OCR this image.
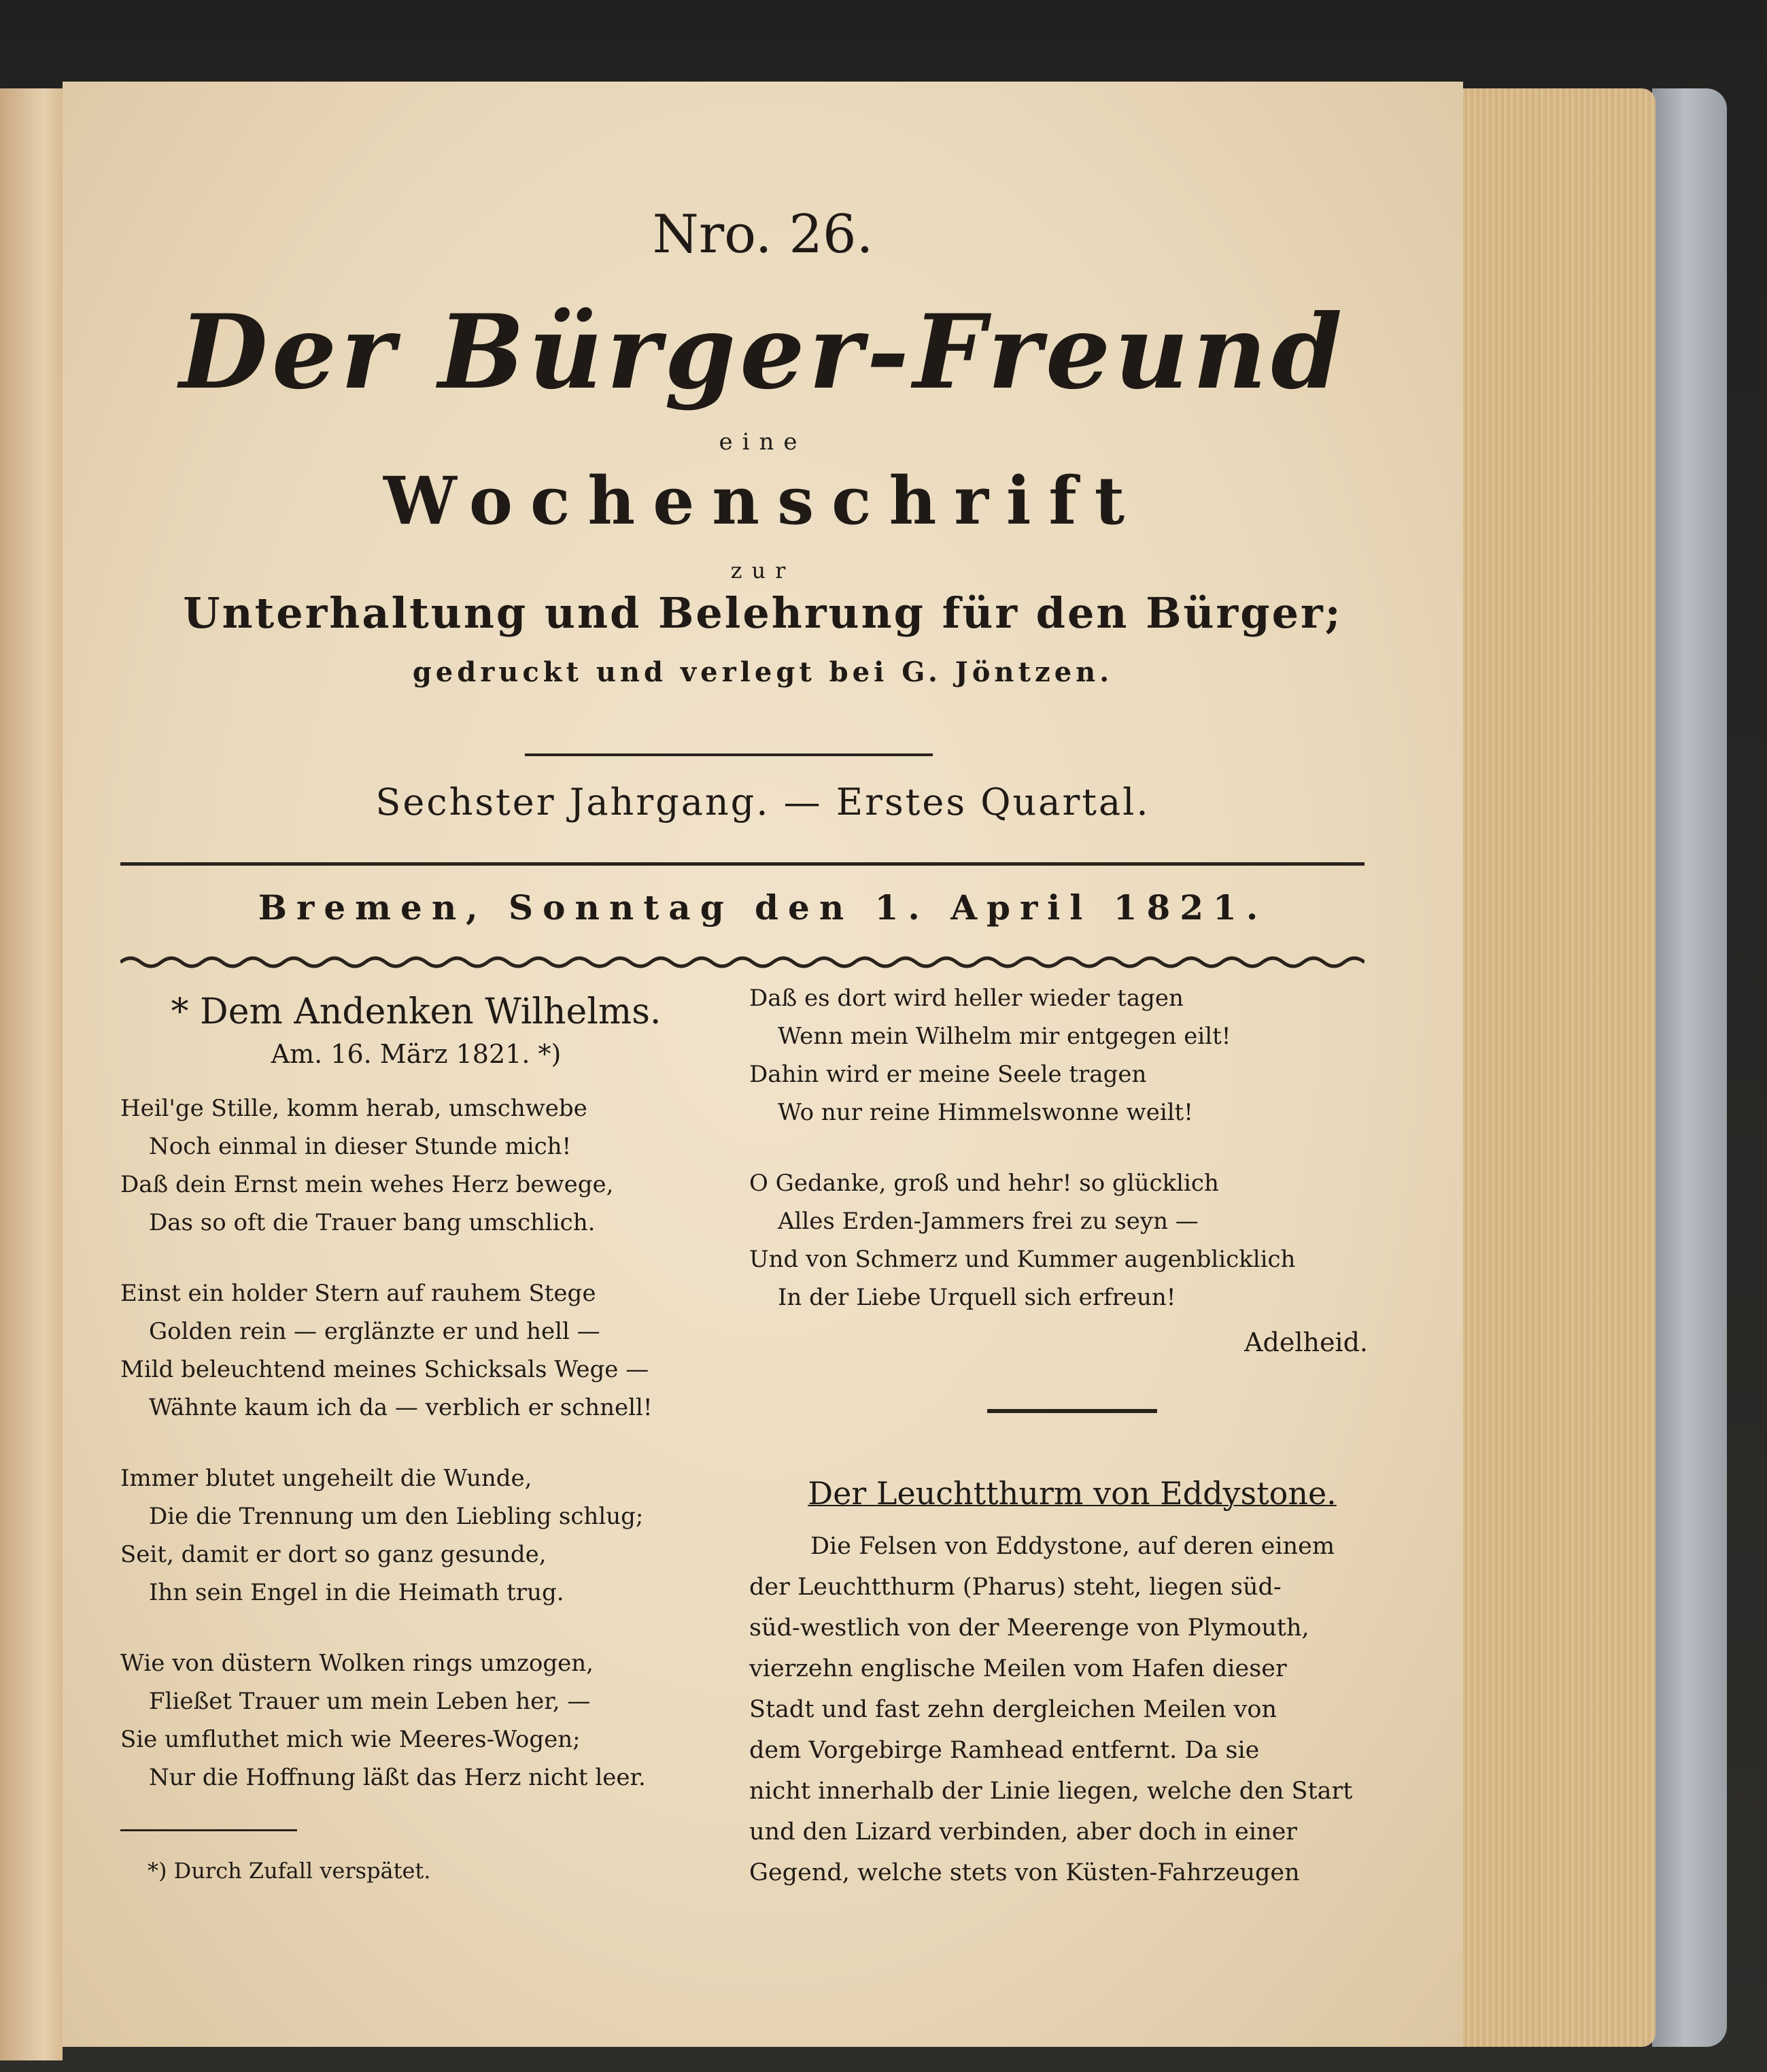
Nro. 26.
Der Bürger-Freund
eine
Wochenschrift
zur
Unterhaltung und Belehrung für den Bürger;
gedruckt und verlegt bei G. Jöntzen.
Sechster Jahrgang. — Erstes Quartal.
Bremen, Sonntag den 1. April 1821.
* Dem Andenken Wilhelms.
Am. 16. März 1821. *)
Heil'ge Stille, komm herab, umschwebe
Noch einmal in dieser Stunde mich!
Daß dein Ernst mein wehes Herz bewege,
Das so oft die Trauer bang umschlich.
Einst ein holder Stern auf rauhem Stege
Golden rein — erglänzte er und hell —
Mild beleuchtend meines Schicksals Wege —
Wähnte kaum ich da — verblich er schnell!
Immer blutet ungeheilt die Wunde,
Die die Trennung um den Liebling schlug;
Seit, damit er dort so ganz gesunde,
Ihn sein Engel in die Heimath trug.
Wie von düstern Wolken rings umzogen,
Fließet Trauer um mein Leben her, —
Sie umfluthet mich wie Meeres-Wogen;
Nur die Hoffnung läßt das Herz nicht leer.
*) Durch Zufall verspätet.
Daß es dort wird heller wieder tagen
Wenn mein Wilhelm mir entgegen eilt!
Dahin wird er meine Seele tragen
Wo nur reine Himmelswonne weilt!
O Gedanke, groß und hehr! so glücklich
Alles Erden-Jammers frei zu seyn —
Und von Schmerz und Kummer augenblicklich
In der Liebe Urquell sich erfreun!
Adelheid.
Der Leuchtthurm von Eddystone.
Die Felsen von Eddystone, auf deren einem
der Leuchtthurm (Pharus) steht, liegen süd-
süd-westlich von der Meerenge von Plymouth,
vierzehn englische Meilen vom Hafen dieser
Stadt und fast zehn dergleichen Meilen von
dem Vorgebirge Ramhead entfernt. Da sie
nicht innerhalb der Linie liegen, welche den Start
und den Lizard verbinden, aber doch in einer
Gegend, welche stets von Küsten-Fahrzeugen
